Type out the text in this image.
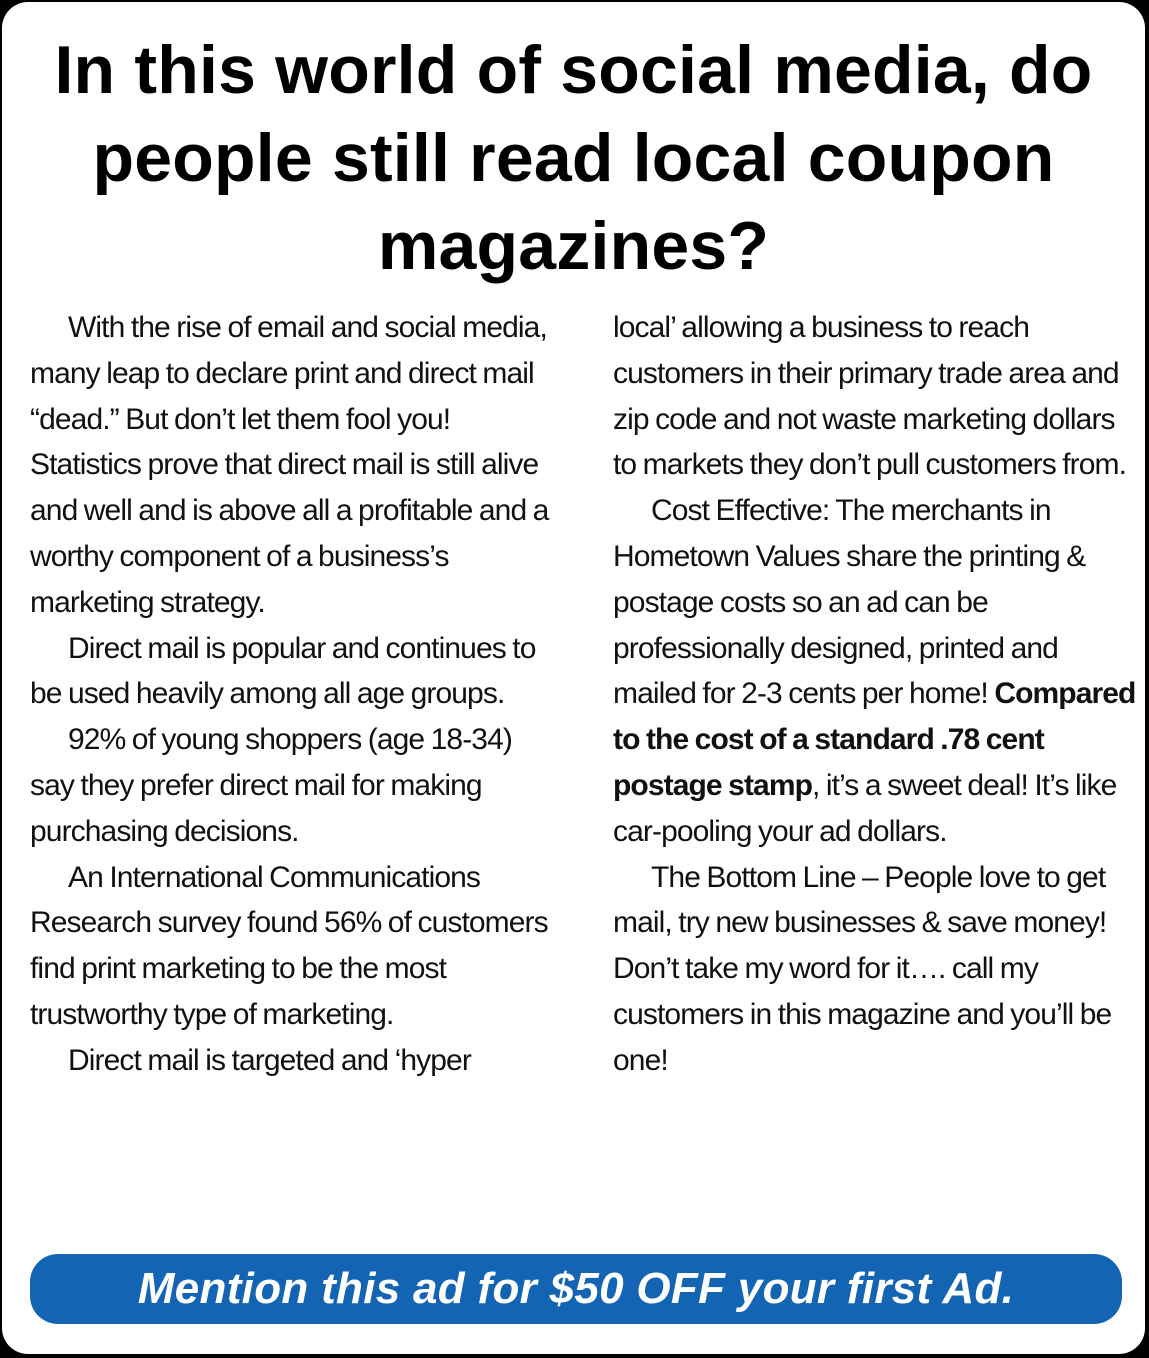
In this world of social media, do people still read local coupon magazines?

With the rise of email and social media, many leap to declare print and direct mail “dead.” But don’t let them fool you! Statistics prove that direct mail is still alive and well and is above all a profitable and a worthy component of a business’s marketing strategy.

Direct mail is popular and continues to be used heavily among all age groups.

92% of young shoppers (age 18-34) say they prefer direct mail for making purchasing decisions.

An International Communications Research survey found 56% of customers find print marketing to be the most trustworthy type of marketing.

Direct mail is targeted and ‘hyper

local’ allowing a business to reach customers in their primary trade area and zip code and not waste marketing dollars to markets they don’t pull customers from.

Cost Effective: The merchants in Hometown Values share the printing & postage costs so an ad can be professionally designed, printed and mailed for 2-3 cents per home! Compared to the cost of a standard .78 cent postage stamp, it’s a sweet deal! It’s like car-pooling your ad dollars.

The Bottom Line – People love to get mail, try new businesses & save money! Don’t take my word for it…. call my customers in this magazine and you’ll be one!

Mention this ad for $50 OFF your first Ad.
